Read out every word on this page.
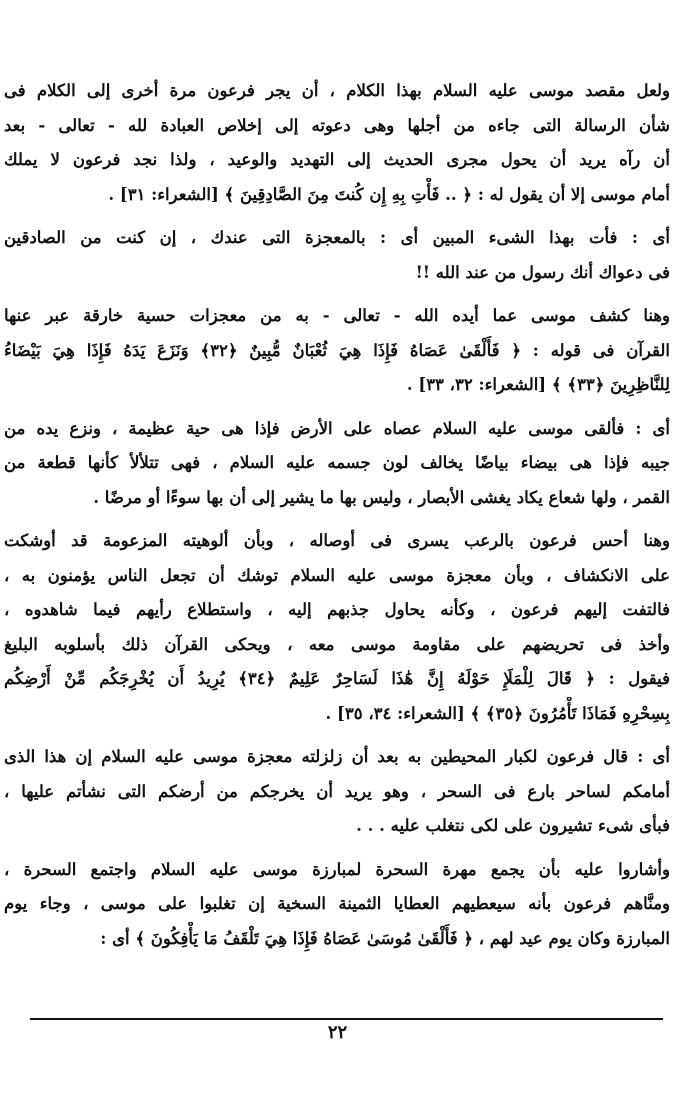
ولعل مقصد موسى عليه السلام بهذا الكلام ، أن يجر فرعون مرة أخرى إلى الكلام فى
شأن الرسالة التى جاءه من أجلها وهى دعوته إلى إخلاص العبادة لله - تعالى - بعد
أن رآه يريد أن يحول مجرى الحديث إلى التهديد والوعيد ، ولذا نجد فرعون لا يملك
أمام موسى إلا أن يقول له : ﴿ .. فَأْتِ بِهِ إِن كُنتَ مِنَ الصَّادِقِينَ ﴾ [الشعراء: ٣١] .
أى : فأت بهذا الشىء المبين أى : بالمعجزة التى عندك ، إن كنت من الصادقين
فى دعواك أنك رسول من عند الله !!
وهنا كشف موسى عما أيده الله - تعالى - به من معجزات حسية خارقة عبر عنها
القرآن فى قوله : ﴿ فَأَلْقَىٰ عَصَاهُ فَإِذَا هِيَ ثُعْبَانٌ مُّبِينٌ ﴿٣٢﴾ وَنَزَعَ يَدَهُ فَإِذَا هِيَ بَيْضَاءُ
لِلنَّاظِرِينَ ﴿٣٣﴾ ﴾ [الشعراء: ٣٢، ٣٣] .
أى : فألقى موسى عليه السلام عصاه على الأرض فإذا هى حية عظيمة ، ونزع يده من
جيبه فإذا هى بيضاء بياضًا يخالف لون جسمه عليه السلام ، فهى تتلألأ كأنها قطعة من
القمر ، ولها شعاع يكاد يغشى الأبصار ، وليس بها ما يشير إلى أن بها سوءًا أو مرضًا .
وهنا أحس فرعون بالرعب يسرى فى أوصاله ، وبأن ألوهيته المزعومة قد أوشكت
على الانكشاف ، وبأن معجزة موسى عليه السلام توشك أن تجعل الناس يؤمنون به ،
فالتفت إليهم فرعون ، وكأنه يحاول جذبهم إليه ، واستطلاع رأيهم فيما شاهدوه ،
وأخذ فى تحريضهم على مقاومة موسى معه ، ويحكى القرآن ذلك بأسلوبه البليغ
فيقول : ﴿ قَالَ لِلْمَلَإِ حَوْلَهُ إِنَّ هَٰذَا لَسَاحِرٌ عَلِيمٌ ﴿٣٤﴾ يُرِيدُ أَن يُخْرِجَكُم مِّنْ أَرْضِكُم
بِسِحْرِهِ فَمَاذَا تَأْمُرُونَ ﴿٣٥﴾ ﴾ [الشعراء: ٣٤، ٣٥] .
أى : قال فرعون لكبار المحيطين به بعد أن زلزلته معجزة موسى عليه السلام إن هذا الذى
أمامكم لساحر بارع فى السحر ، وهو يريد أن يخرجكم من أرضكم التى نشأتم عليها ،
فبأى شىء تشيرون على لكى نتغلب عليه . . .
وأشاروا عليه بأن يجمع مهرة السحرة لمبارزة موسى عليه السلام واجتمع السحرة ،
ومنَّاهم فرعون بأنه سيعطيهم العطايا الثمينة السخية إن تغلبوا على موسى ، وجاء يوم
المبارزة وكان يوم عيد لهم ، ﴿ فَأَلْقَىٰ مُوسَىٰ عَصَاهُ فَإِذَا هِيَ تَلْقَفُ مَا يَأْفِكُونَ ﴾ أى :
٢٢
